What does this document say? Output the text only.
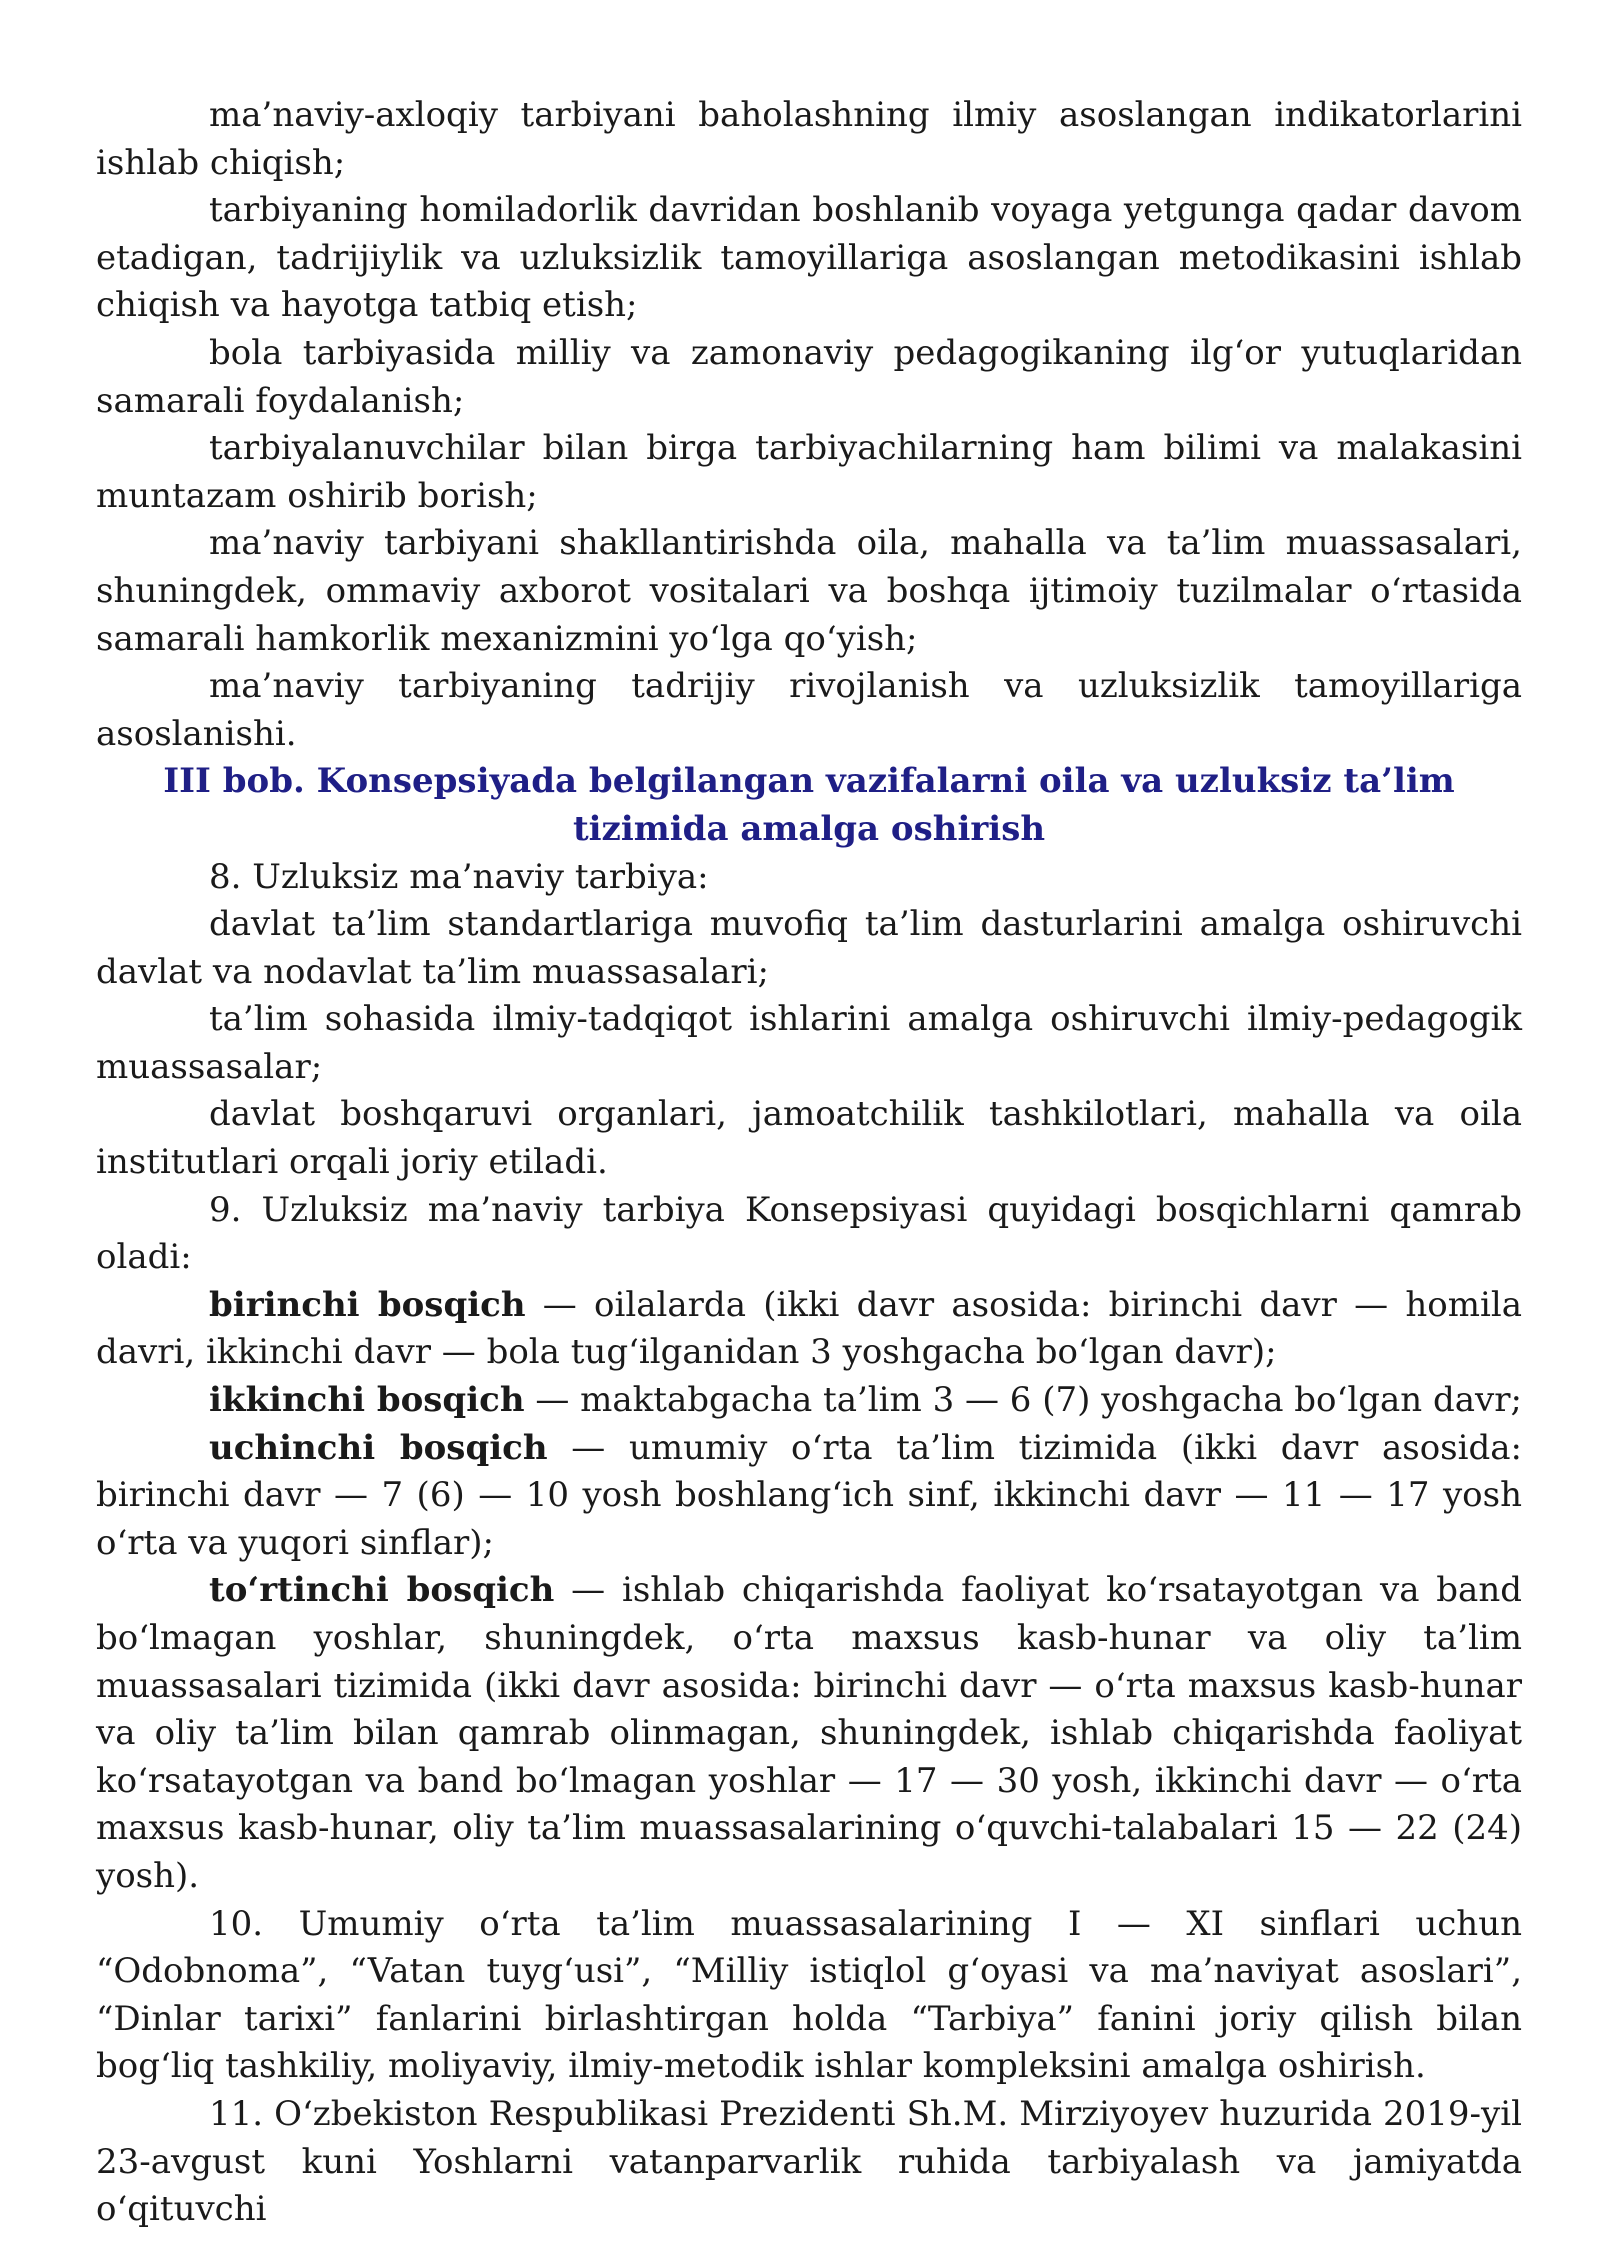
ma’naviy-axloqiy tarbiyani baholashning ilmiy asoslangan indikatorlarini ishlab chiqish;

tarbiyaning homiladorlik davridan boshlanib voyaga yetgunga qadar davom etadigan, tadrijiylik va uzluksizlik tamoyillariga asoslangan metodikasini ishlab chiqish va hayotga tatbiq etish;

bola tarbiyasida milliy va zamonaviy pedagogikaning ilg‘or yutuqlaridan samarali foydalanish;

tarbiyalanuvchilar bilan birga tarbiyachilarning ham bilimi va malakasini muntazam oshirib borish;

ma’naviy tarbiyani shakllantirishda oila, mahalla va ta’lim muassasalari, shuningdek, ommaviy axborot vositalari va boshqa ijtimoiy tuzilmalar o‘rtasida samarali hamkorlik mexanizmini yo‘lga qo‘yish;

ma’naviy tarbiyaning tadrijiy rivojlanish va uzluksizlik tamoyillariga asoslanishi.

III bob. Konsepsiyada belgilangan vazifalarni oila va uzluksiz ta’lim tizimida amalga oshirish

8. Uzluksiz ma’naviy tarbiya:

davlat ta’lim standartlariga muvofiq ta’lim dasturlarini amalga oshiruvchi davlat va nodavlat ta’lim muassasalari;

ta’lim sohasida ilmiy-tadqiqot ishlarini amalga oshiruvchi ilmiy-pedagogik muassasalar;

davlat boshqaruvi organlari, jamoatchilik tashkilotlari, mahalla va oila institutlari orqali joriy etiladi.

9. Uzluksiz ma’naviy tarbiya Konsepsiyasi quyidagi bosqichlarni qamrab oladi:

birinchi bosqich — oilalarda (ikki davr asosida: birinchi davr — homila davri, ikkinchi davr — bola tug‘ilganidan 3 yoshgacha bo‘lgan davr);

ikkinchi bosqich — maktabgacha ta’lim 3 — 6 (7) yoshgacha bo‘lgan davr;

uchinchi bosqich — umumiy o‘rta ta’lim tizimida (ikki davr asosida: birinchi davr — 7 (6) — 10 yosh boshlang‘ich sinf, ikkinchi davr — 11 — 17 yosh o‘rta va yuqori sinflar);

to‘rtinchi bosqich — ishlab chiqarishda faoliyat ko‘rsatayotgan va band bo‘lmagan yoshlar, shuningdek, o‘rta maxsus kasb-hunar va oliy ta’lim muassasalari tizimida (ikki davr asosida: birinchi davr — o‘rta maxsus kasb-hunar va oliy ta’lim bilan qamrab olinmagan, shuningdek, ishlab chiqarishda faoliyat ko‘rsatayotgan va band bo‘lmagan yoshlar — 17 — 30 yosh, ikkinchi davr — o‘rta maxsus kasb-hunar, oliy ta’lim muassasalarining o‘quvchi-talabalari 15 — 22 (24) yosh).

10. Umumiy o‘rta ta’lim muassasalarining I — XI sinflari uchun “Odobnoma”, “Vatan tuyg‘usi”, “Milliy istiqlol g‘oyasi va ma’naviyat asoslari”, “Dinlar tarixi” fanlarini birlashtirgan holda “Tarbiya” fanini joriy qilish bilan bog‘liq tashkiliy, moliyaviy, ilmiy-metodik ishlar kompleksini amalga oshirish.

11. O‘zbekiston Respublikasi Prezidenti Sh.M. Mirziyoyev huzurida 2019-yil 23-avgust kuni Yoshlarni vatanparvarlik ruhida tarbiyalash va jamiyatda o‘qituvchi
